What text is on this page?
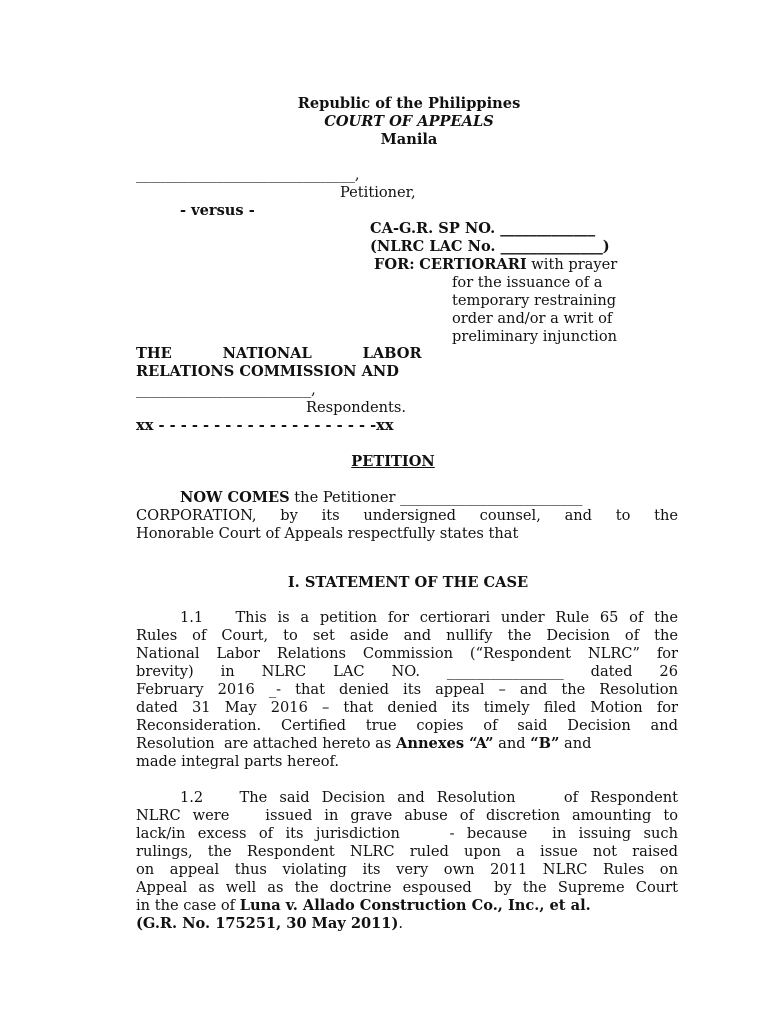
Republic of the Philippines
COURT OF APPEALS
Manila
______________________________,
Petitioner,
- versus -
CA-G.R. SP NO. _____________
(NLRC LAC No. ______________)
FOR: CERTIORARI with prayer
for the issuance of a
temporary restraining
order and/or a writ of
preliminary injunction
THE          NATIONAL          LABOR
RELATIONS COMMISSION AND
________________________,
Respondents.
xx - - - - - - - - - - - - - - - - - - - -xx
PETITION
NOW COMES the Petitioner _________________________
CORPORATION, by its undersigned counsel, and to the
Honorable Court of Appeals respectfully states that
I. STATEMENT OF THE CASE
1.1   This is a petition for certiorari under Rule 65 of the
Rules of Court, to set aside and nullify the Decision of the
National Labor Relations Commission (“Respondent NLRC” for
brevity) in NLRC LAC NO. ________________ dated 26
February 2016 _- that denied its appeal – and the Resolution
dated 31 May 2016 – that denied its timely filed Motion for
Reconsideration. Certified true copies of said Decision and
Resolution  are attached hereto as Annexes “A” and “B” and
made integral parts hereof.
1.2   The said Decision and Resolution    of Respondent
NLRC were   issued in grave abuse of discretion amounting to
lack/in excess of its jurisdiction    - because  in issuing such
rulings, the Respondent NLRC ruled upon a issue not raised
on appeal thus violating its very own 2011 NLRC Rules on
Appeal as well as the doctrine espoused  by the Supreme Court
in the case of Luna v. Allado Construction Co., Inc., et al.
(G.R. No. 175251, 30 May 2011).
